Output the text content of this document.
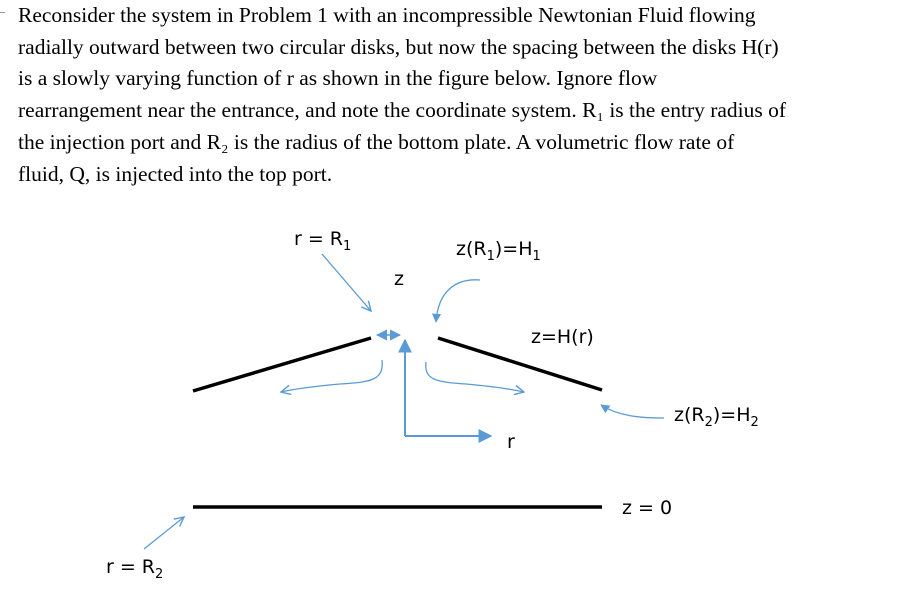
Reconsider the system in Problem 1 with an incompressible Newtonian Fluid flowing
radially outward between two circular disks, but now the spacing between the disks H(r)
is a slowly varying function of r as shown in the figure below. Ignore flow
rearrangement near the entrance, and note the coordinate system. R₁ is the entry radius of
the injection port and R₂ is the radius of the bottom plate. A volumetric flow rate of
fluid, Q, is injected into the top port.
$r = R_1$
z
$z(R_1)=H_1$
z=H(r)
$z(R_2)=H_2$
r
z = 0
$r = R_2$
